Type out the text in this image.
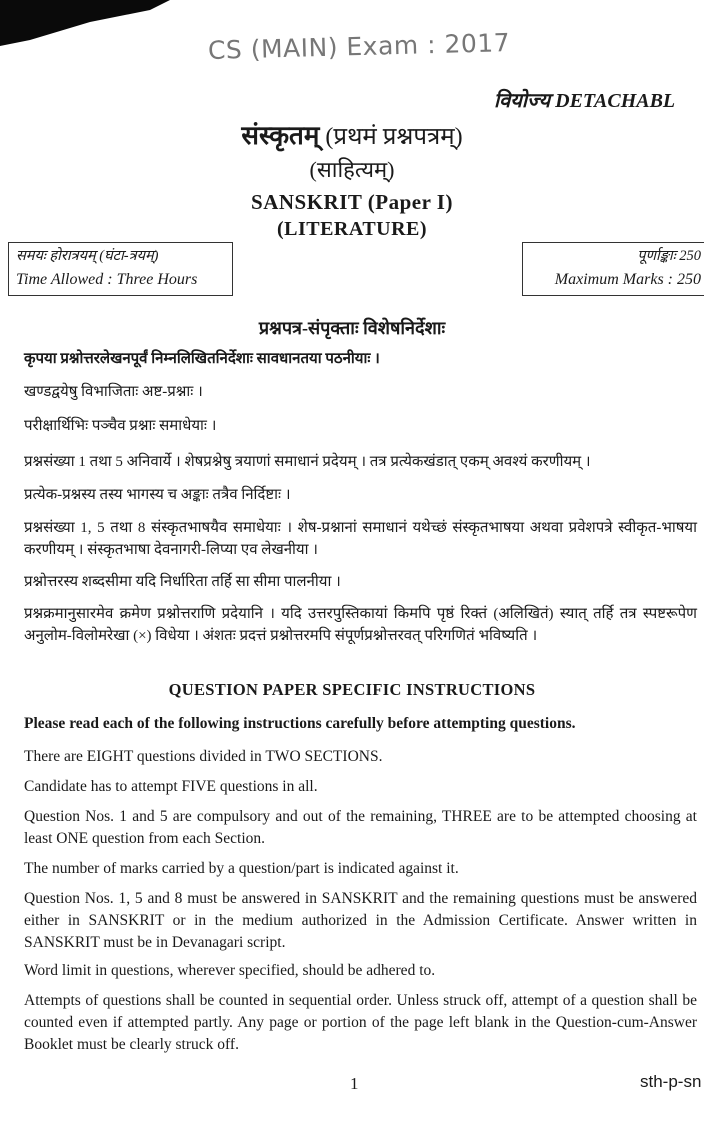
CS (MAIN) Exam : 2017
वियोज्य DETACHABL
संस्कृतम् (प्रथमं प्रश्नपत्रम्)
(साहित्यम्)
SANSKRIT (Paper I)
(LITERATURE)
समयः होरात्रयम् (घंटा-त्रयम्)
Time Allowed : Three Hours
पूर्णाङ्काः 250
Maximum Marks : 250
प्रश्नपत्र-संपृक्ताः विशेषनिर्देशाः
कृपया प्रश्नोत्तरलेखनपूर्वं निम्नलिखितनिर्देशाः सावधानतया पठनीयाः ।
खण्डद्वयेषु विभाजिताः अष्ट-प्रश्नाः ।
परीक्षार्थिभिः पञ्चैव प्रश्नाः समाधेयाः ।
प्रश्नसंख्या 1 तथा 5 अनिवार्ये । शेषप्रश्नेषु त्रयाणां समाधानं प्रदेयम् । तत्र प्रत्येकखंडात् एकम् अवश्यं करणीयम् ।
प्रत्येक-प्रश्नस्य तस्य भागस्य च अङ्काः तत्रैव निर्दिष्टाः ।
प्रश्नसंख्या 1, 5 तथा 8 संस्कृतभाषयैव समाधेयाः । शेष-प्रश्नानां समाधानं यथेच्छं संस्कृतभाषया अथवा प्रवेशपत्रे स्वीकृत-भाषया करणीयम् । संस्कृतभाषा देवनागरी-लिप्या एव लेखनीया ।
प्रश्नोत्तरस्य शब्दसीमा यदि निर्धारिता तर्हि सा सीमा पालनीया ।
प्रश्नक्रमानुसारमेव क्रमेण प्रश्नोत्तराणि प्रदेयानि । यदि उत्तरपुस्तिकायां किमपि पृष्ठं रिक्तं (अलिखितं) स्यात् तर्हि तत्र स्पष्टरूपेण अनुलोम-विलोमरेखा (×) विधेया । अंशतः प्रदत्तं प्रश्नोत्तरमपि संपूर्णप्रश्नोत्तरवत् परिगणितं भविष्यति ।
QUESTION PAPER SPECIFIC INSTRUCTIONS
Please read each of the following instructions carefully before attempting questions.
There are EIGHT questions divided in TWO SECTIONS.
Candidate has to attempt FIVE questions in all.
Question Nos. 1 and 5 are compulsory and out of the remaining, THREE are to be attempted choosing at least ONE question from each Section.
The number of marks carried by a question/part is indicated against it.
Question Nos. 1, 5 and 8 must be answered in SANSKRIT and the remaining questions must be answered either in SANSKRIT or in the medium authorized in the Admission Certificate. Answer written in SANSKRIT must be in Devanagari script.
Word limit in questions, wherever specified, should be adhered to.
Attempts of questions shall be counted in sequential order. Unless struck off, attempt of a question shall be counted even if attempted partly. Any page or portion of the page left blank in the Question-cum-Answer Booklet must be clearly struck off.
1	sth-p-sn
